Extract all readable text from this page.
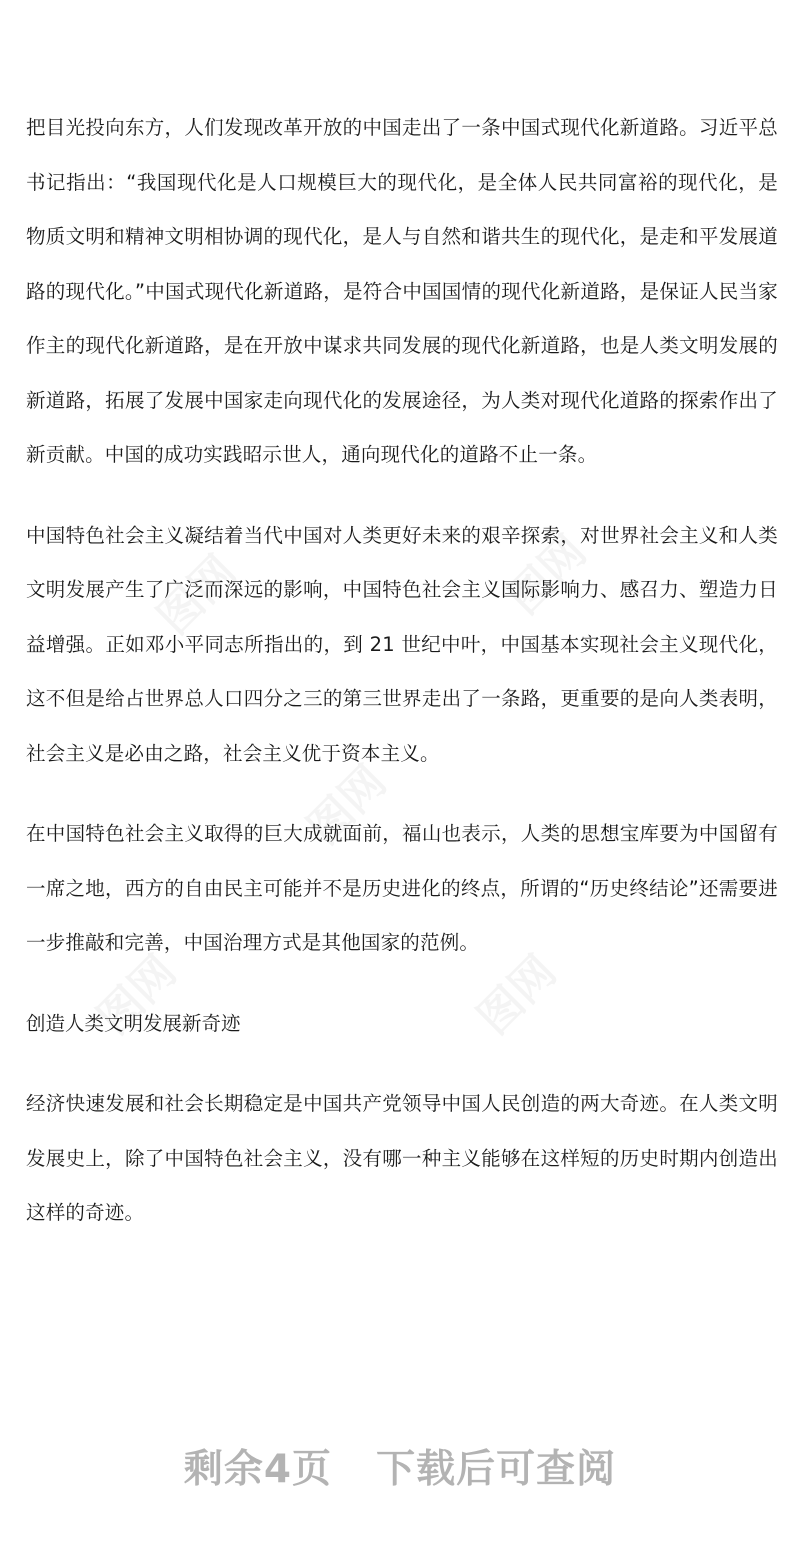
把目光投向东方，人们发现改革开放的中国走出了一条中国式现代化新道路。习近平总书记指出：“我国现代化是人口规模巨大的现代化，是全体人民共同富裕的现代化，是物质文明和精神文明相协调的现代化，是人与自然和谐共生的现代化，是走和平发展道路的现代化。”中国式现代化新道路，是符合中国国情的现代化新道路，是保证人民当家作主的现代化新道路，是在开放中谋求共同发展的现代化新道路，也是人类文明发展的新道路，拓展了发展中国家走向现代化的发展途径，为人类对现代化道路的探索作出了新贡献。中国的成功实践昭示世人，通向现代化的道路不止一条。

中国特色社会主义凝结着当代中国对人类更好未来的艰辛探索，对世界社会主义和人类文明发展产生了广泛而深远的影响，中国特色社会主义国际影响力、感召力、塑造力日益增强。正如邓小平同志所指出的，到 21 世纪中叶，中国基本实现社会主义现代化，这不但是给占世界总人口四分之三的第三世界走出了一条路，更重要的是向人类表明，社会主义是必由之路，社会主义优于资本主义。

在中国特色社会主义取得的巨大成就面前，福山也表示，人类的思想宝库要为中国留有一席之地，西方的自由民主可能并不是历史进化的终点，所谓的“历史终结论”还需要进一步推敲和完善，中国治理方式是其他国家的范例。

创造人类文明发展新奇迹

经济快速发展和社会长期稳定是中国共产党领导中国人民创造的两大奇迹。在人类文明发展史上，除了中国特色社会主义，没有哪一种主义能够在这样短的历史时期内创造出这样的奇迹。

剩余4页 下载后可查阅
